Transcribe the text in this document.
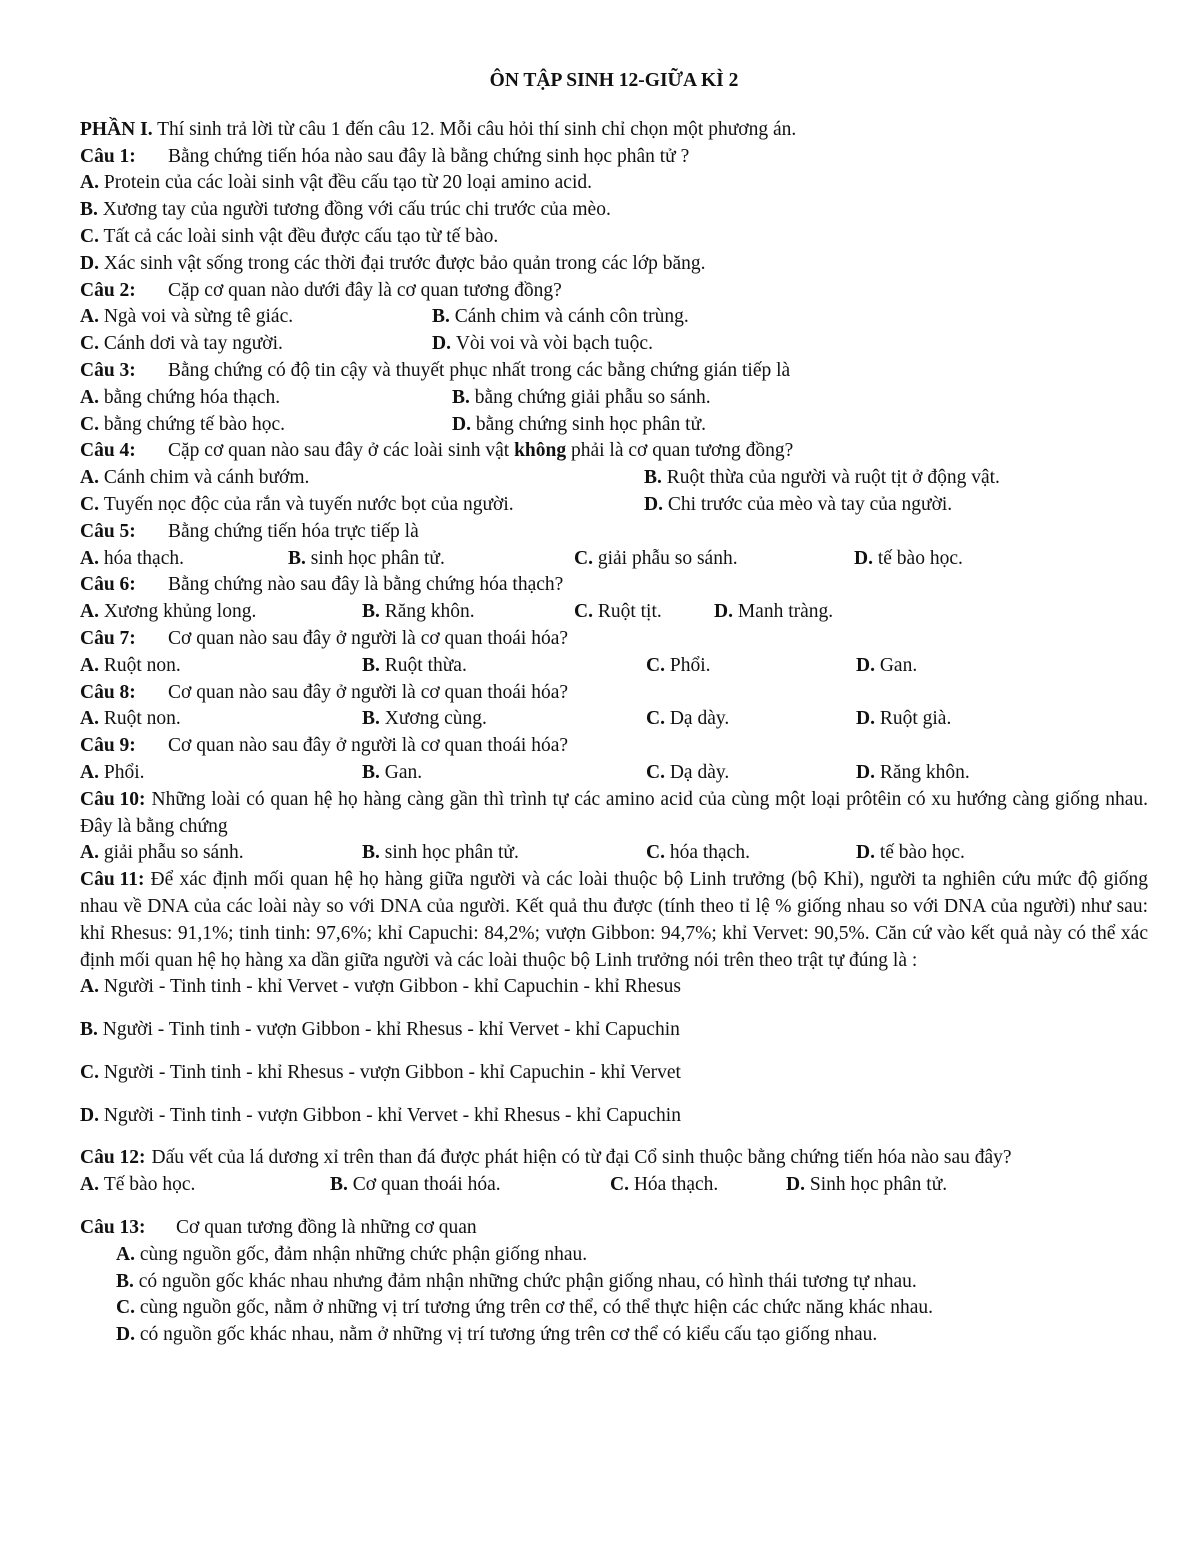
ÔN TẬP SINH 12-GIỮA KÌ 2
PHẦN I. Thí sinh trả lời từ câu 1 đến câu 12. Mỗi câu hỏi thí sinh chỉ chọn một phương án.
Câu 1: Bằng chứng tiến hóa nào sau đây là bằng chứng sinh học phân tử ?
A. Protein của các loài sinh vật đều cấu tạo từ 20 loại amino acid.
B. Xương tay của người tương đồng với cấu trúc chi trước của mèo.
C. Tất cả các loài sinh vật đều được cấu tạo từ tế bào.
D. Xác sinh vật sống trong các thời đại trước được bảo quản trong các lớp băng.
Câu 2: Cặp cơ quan nào dưới đây là cơ quan tương đồng?
A. Ngà voi và sừng tê giác.	B. Cánh chim và cánh côn trùng.
C. Cánh dơi và tay người.	D. Vòi voi và vòi bạch tuộc.
Câu 3: Bằng chứng có độ tin cậy và thuyết phục nhất trong các bằng chứng gián tiếp là
A. bằng chứng hóa thạch.	B. bằng chứng giải phẫu so sánh.
C. bằng chứng tế bào học.	D. bằng chứng sinh học phân tử.
Câu 4: Cặp cơ quan nào sau đây ở các loài sinh vật không phải là cơ quan tương đồng?
A. Cánh chim và cánh bướm.	B. Ruột thừa của người và ruột tịt ở động vật.
C. Tuyến nọc độc của rắn và tuyến nước bọt của người.	D. Chi trước của mèo và tay của người.
Câu 5: Bằng chứng tiến hóa trực tiếp là
A. hóa thạch.	B. sinh học phân tử.	C. giải phẫu so sánh.	D. tế bào học.
Câu 6: Bằng chứng nào sau đây là bằng chứng hóa thạch?
A. Xương khủng long.	B. Răng khôn.	C. Ruột tịt.	D. Manh tràng.
Câu 7: Cơ quan nào sau đây ở người là cơ quan thoái hóa?
A. Ruột non.	B. Ruột thừa.	C. Phổi.	D. Gan.
Câu 8: Cơ quan nào sau đây ở người là cơ quan thoái hóa?
A. Ruột non.	B. Xương cùng.	C. Dạ dày.	D. Ruột già.
Câu 9: Cơ quan nào sau đây ở người là cơ quan thoái hóa?
A. Phổi.	B. Gan.	C. Dạ dày.	D. Răng khôn.
Câu 10: Những loài có quan hệ họ hàng càng gần thì trình tự các amino acid của cùng một loại prôtêin có xu hướng càng giống nhau. Đây là bằng chứng
A. giải phẫu so sánh.	B. sinh học phân tử.	C. hóa thạch.	D. tế bào học.
Câu 11: Để xác định mối quan hệ họ hàng giữa người và các loài thuộc bộ Linh trưởng (bộ Khỉ), người ta nghiên cứu mức độ giống nhau về DNA của các loài này so với DNA của người. Kết quả thu được (tính theo tỉ lệ % giống nhau so với DNA của người) như sau: khỉ Rhesus: 91,1%; tinh tinh: 97,6%; khỉ Capuchi: 84,2%; vượn Gibbon: 94,7%; khỉ Vervet: 90,5%. Căn cứ vào kết quả này có thể xác định mối quan hệ họ hàng xa dần giữa người và các loài thuộc bộ Linh trưởng nói trên theo trật tự đúng là :
A. Người - Tinh tinh - khỉ Vervet - vượn Gibbon - khỉ Capuchin - khỉ Rhesus
B. Người - Tinh tinh - vượn Gibbon - khỉ Rhesus - khỉ Vervet - khỉ Capuchin
C. Người - Tinh tinh - khỉ Rhesus - vượn Gibbon - khỉ Capuchin - khỉ Vervet
D. Người - Tinh tinh - vượn Gibbon - khỉ Vervet - khỉ Rhesus - khỉ Capuchin
Câu 12: Dấu vết của lá dương xỉ trên than đá được phát hiện có từ đại Cổ sinh thuộc bằng chứng tiến hóa nào sau đây?
A. Tế bào học.	B. Cơ quan thoái hóa.	C. Hóa thạch.	D. Sinh học phân tử.
Câu 13: Cơ quan tương đồng là những cơ quan
A. cùng nguồn gốc, đảm nhận những chức phận giống nhau.
B. có nguồn gốc khác nhau nhưng đảm nhận những chức phận giống nhau, có hình thái tương tự nhau.
C. cùng nguồn gốc, nằm ở những vị trí tương ứng trên cơ thể, có thể thực hiện các chức năng khác nhau.
D. có nguồn gốc khác nhau, nằm ở những vị trí tương ứng trên cơ thể có kiểu cấu tạo giống nhau.
